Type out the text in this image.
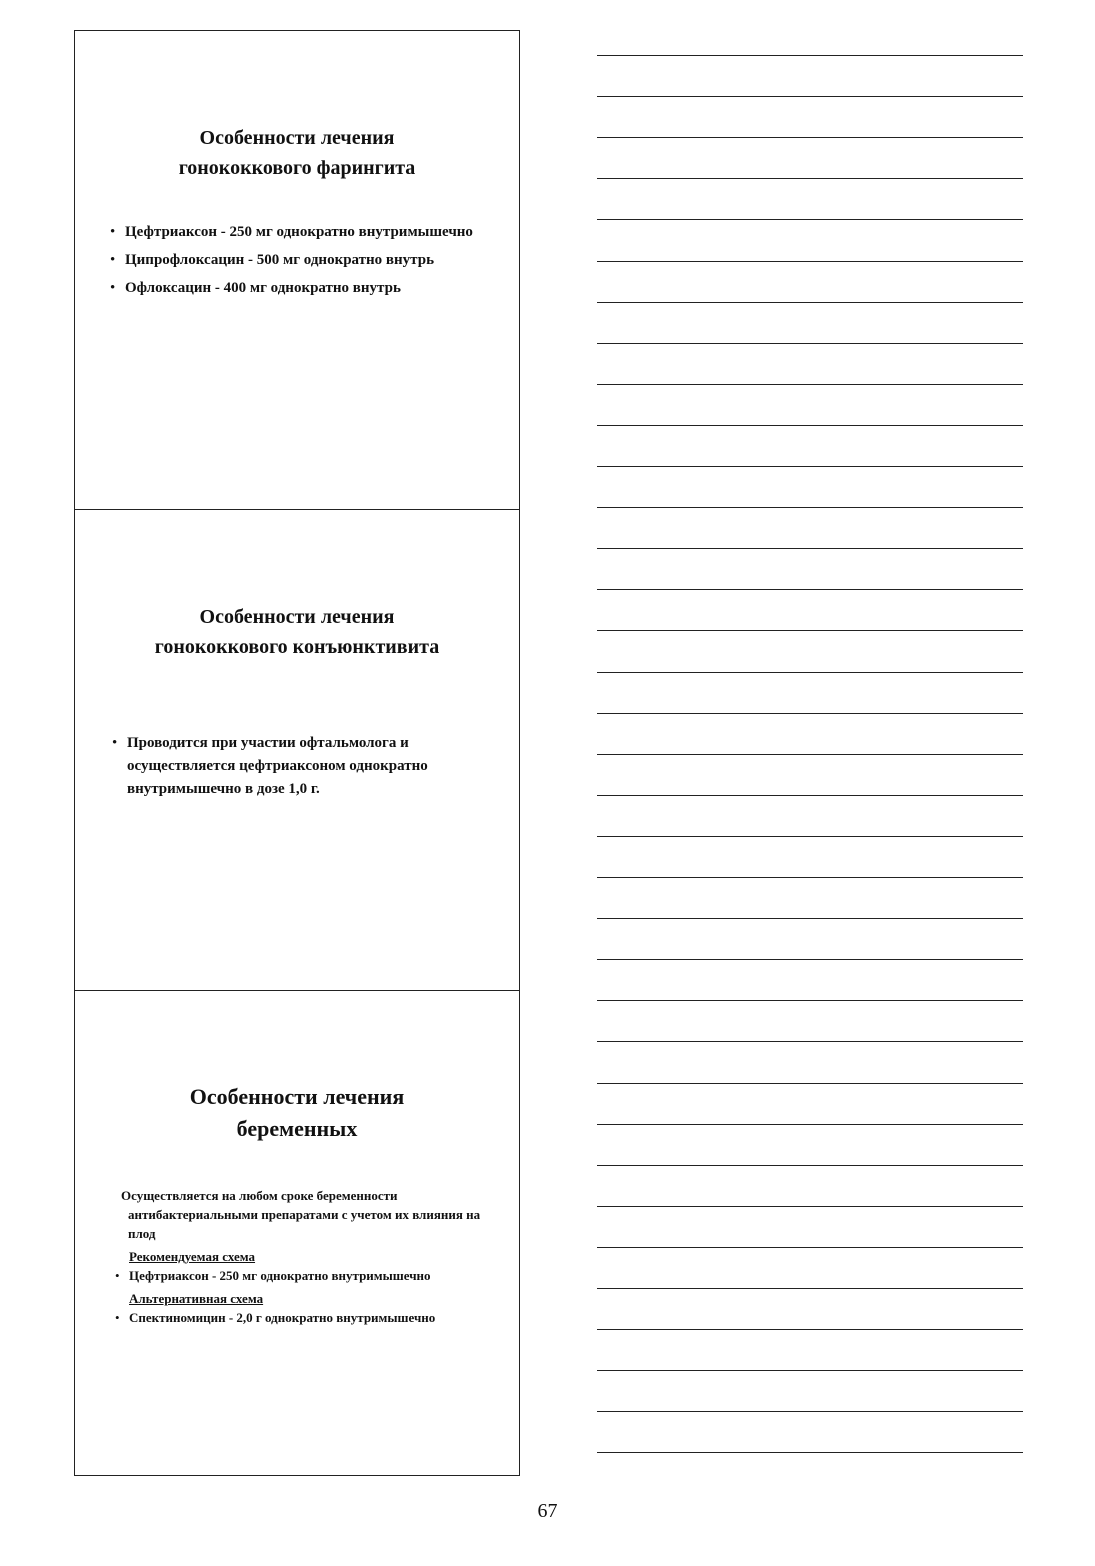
Особенности лечения
гонококкового фарингита
• Цефтриаксон - 250 мг однократно внутримышечно
• Ципрофлоксацин - 500 мг однократно внутрь
• Офлоксацин - 400 мг однократно внутрь
Особенности лечения
гонококкового конъюнктивита
• Проводится при участии офтальмолога и осуществляется цефтриаксоном однократно внутримышечно в дозе 1,0 г.
Особенности лечения
беременных

Осуществляется на любом сроке беременности антибактериальными препаратами с учетом их влияния на плод

Рекомендуемая схема

• Цефтриаксон - 250 мг однократно внутримышечно

Альтернативная схема

• Спектиномицин - 2,0 г однократно внутримышечно

67
